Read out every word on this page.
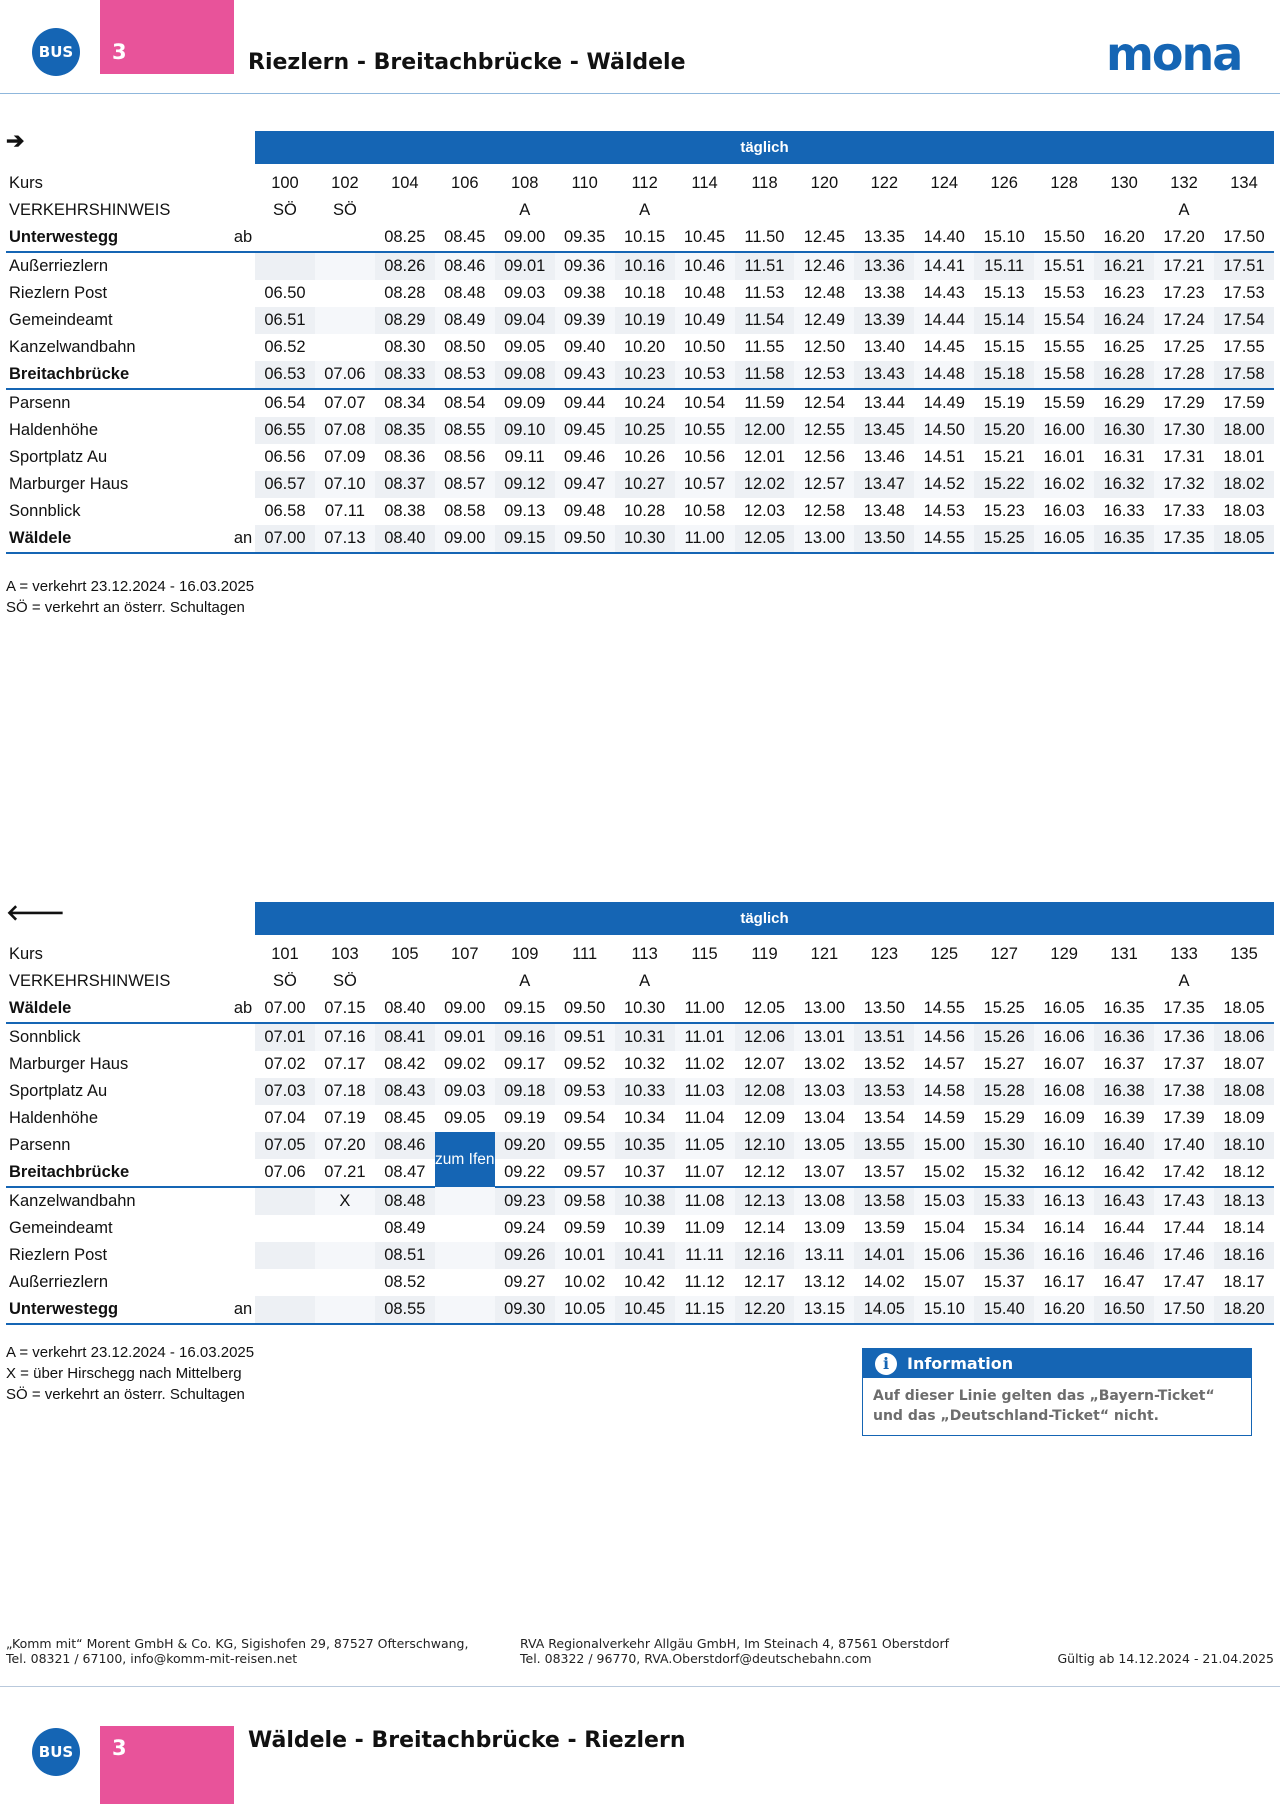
BUS	3	Riezlern - Breitachbrücke - Wäldele	mona
➔
		täglich																

Kurs		100	102	104	106	108	110	112	114	118	120	122	124	126	128	130	132	134
VERKEHRSHINWEIS		SÖ	SÖ			A		A									A	
Unterwestegg	ab			08.25	08.45	09.00	09.35	10.15	10.45	11.50	12.45	13.35	14.40	15.10	15.50	16.20	17.20	17.50
Außerriezlern				08.26	08.46	09.01	09.36	10.16	10.46	11.51	12.46	13.36	14.41	15.11	15.51	16.21	17.21	17.51
Riezlern Post		06.50		08.28	08.48	09.03	09.38	10.18	10.48	11.53	12.48	13.38	14.43	15.13	15.53	16.23	17.23	17.53
Gemeindeamt		06.51		08.29	08.49	09.04	09.39	10.19	10.49	11.54	12.49	13.39	14.44	15.14	15.54	16.24	17.24	17.54
Kanzelwandbahn		06.52		08.30	08.50	09.05	09.40	10.20	10.50	11.55	12.50	13.40	14.45	15.15	15.55	16.25	17.25	17.55
Breitachbrücke		06.53	07.06	08.33	08.53	09.08	09.43	10.23	10.53	11.58	12.53	13.43	14.48	15.18	15.58	16.28	17.28	17.58
Parsenn		06.54	07.07	08.34	08.54	09.09	09.44	10.24	10.54	11.59	12.54	13.44	14.49	15.19	15.59	16.29	17.29	17.59
Haldenhöhe		06.55	07.08	08.35	08.55	09.10	09.45	10.25	10.55	12.00	12.55	13.45	14.50	15.20	16.00	16.30	17.30	18.00
Sportplatz Au		06.56	07.09	08.36	08.56	09.11	09.46	10.26	10.56	12.01	12.56	13.46	14.51	15.21	16.01	16.31	17.31	18.01
Marburger Haus		06.57	07.10	08.37	08.57	09.12	09.47	10.27	10.57	12.02	12.57	13.47	14.52	15.22	16.02	16.32	17.32	18.02
Sonnblick		06.58	07.11	08.38	08.58	09.13	09.48	10.28	10.58	12.03	12.58	13.48	14.53	15.23	16.03	16.33	17.33	18.03
Wäldele	an	07.00	07.13	08.40	09.00	09.15	09.50	10.30	11.00	12.05	13.00	13.50	14.55	15.25	16.05	16.35	17.35	18.05
A = verkehrt 23.12.2024 - 16.03.2025
SÖ = verkehrt an österr. Schultagen
🡐
		täglich																

Kurs		101	103	105	107	109	111	113	115	119	121	123	125	127	129	131	133	135
VERKEHRSHINWEIS		SÖ	SÖ			A		A									A	
Wäldele	ab	07.00	07.15	08.40	09.00	09.15	09.50	10.30	11.00	12.05	13.00	13.50	14.55	15.25	16.05	16.35	17.35	18.05
Sonnblick		07.01	07.16	08.41	09.01	09.16	09.51	10.31	11.01	12.06	13.01	13.51	14.56	15.26	16.06	16.36	17.36	18.06
Marburger Haus		07.02	07.17	08.42	09.02	09.17	09.52	10.32	11.02	12.07	13.02	13.52	14.57	15.27	16.07	16.37	17.37	18.07
Sportplatz Au		07.03	07.18	08.43	09.03	09.18	09.53	10.33	11.03	12.08	13.03	13.53	14.58	15.28	16.08	16.38	17.38	18.08
Haldenhöhe		07.04	07.19	08.45	09.05	09.19	09.54	10.34	11.04	12.09	13.04	13.54	14.59	15.29	16.09	16.39	17.39	18.09
Parsenn		07.05	07.20	08.46	zum Ifen	09.20	09.55	10.35	11.05	12.10	13.05	13.55	15.00	15.30	16.10	16.40	17.40	18.10
Breitachbrücke		07.06	07.21	08.47		09.22	09.57	10.37	11.07	12.12	13.07	13.57	15.02	15.32	16.12	16.42	17.42	18.12
Kanzelwandbahn			X	08.48		09.23	09.58	10.38	11.08	12.13	13.08	13.58	15.03	15.33	16.13	16.43	17.43	18.13
Gemeindeamt				08.49		09.24	09.59	10.39	11.09	12.14	13.09	13.59	15.04	15.34	16.14	16.44	17.44	18.14
Riezlern Post				08.51		09.26	10.01	10.41	11.11	12.16	13.11	14.01	15.06	15.36	16.16	16.46	17.46	18.16
Außerriezlern				08.52		09.27	10.02	10.42	11.12	12.17	13.12	14.02	15.07	15.37	16.17	16.47	17.47	18.17
Unterwestegg	an			08.55		09.30	10.05	10.45	11.15	12.20	13.15	14.05	15.10	15.40	16.20	16.50	17.50	18.20
A = verkehrt 23.12.2024 - 16.03.2025
X = über Hirschegg nach Mittelberg
SÖ = verkehrt an österr. Schultagen
i	Information
Auf dieser Linie gelten das „Bayern-Ticket“ und das „Deutschland-Ticket“ nicht.
„Komm mit“ Morent GmbH & Co. KG, Sigishofen 29, 87527 Ofterschwang,
Tel. 08321 / 67100, info@komm-mit-reisen.net
RVA Regionalverkehr Allgäu GmbH, Im Steinach 4, 87561 Oberstdorf
Tel. 08322 / 96770, RVA.Oberstdorf@deutschebahn.com	Gültig ab 14.12.2024 - 21.04.2025
BUS	3	Wäldele - Breitachbrücke - Riezlern
